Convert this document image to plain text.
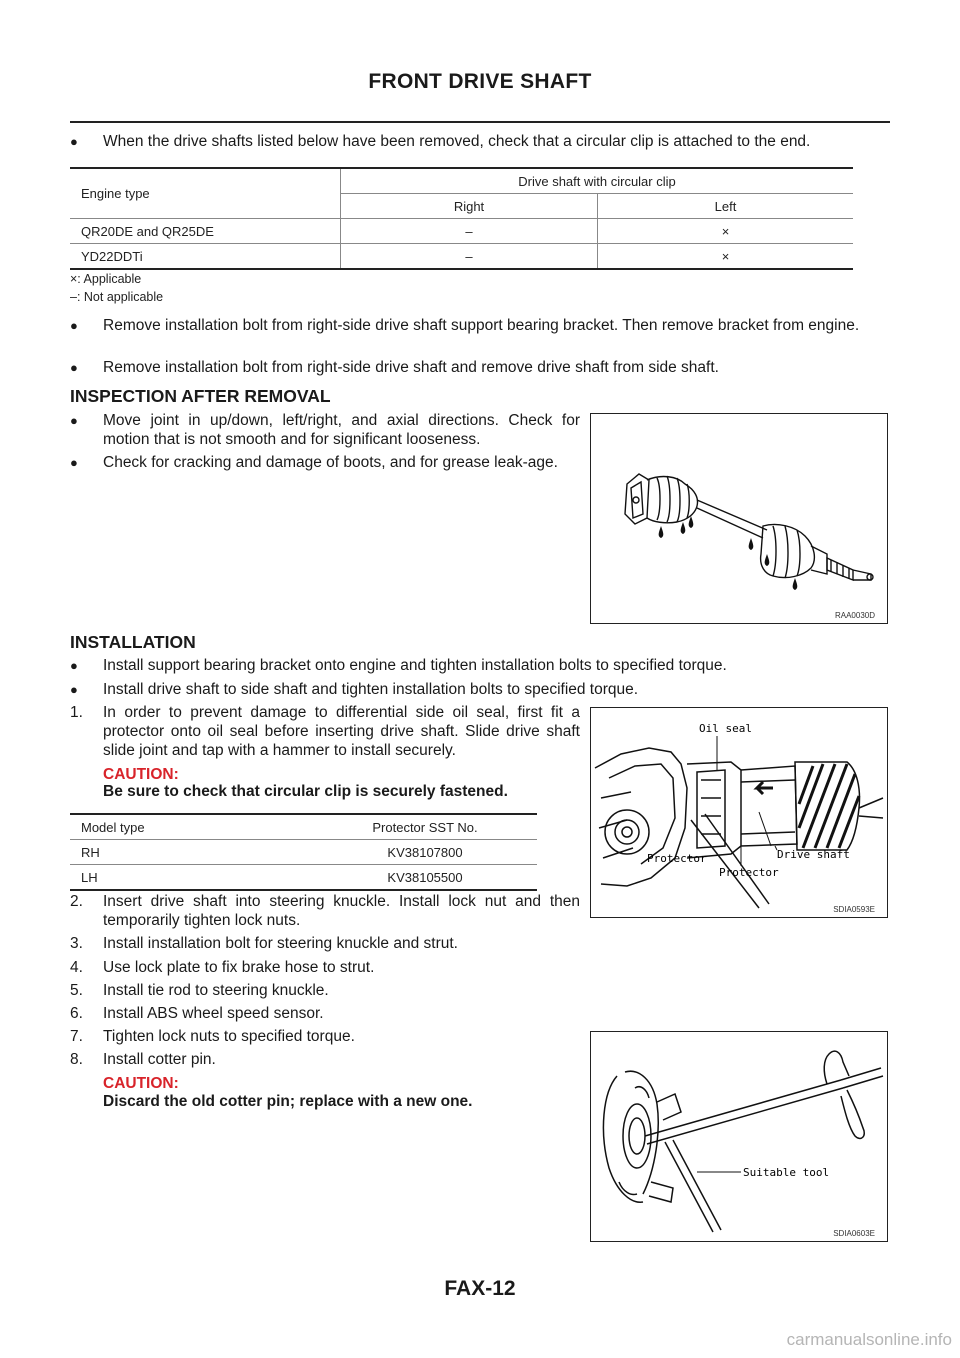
FRONT DRIVE SHAFT
● When the drive shafts listed below have been removed, check that a circular clip is attached to the end.
Engine type	Drive shaft with circular clip	
	Right	Left
QR20DE and QR25DE	–	×
YD22DDTi	–	×
×: Applicable
–: Not applicable
● Remove installation bolt from right-side drive shaft support bearing bracket. Then remove bracket from engine.
● Remove installation bolt from right-side drive shaft and remove drive shaft from side shaft.
INSPECTION AFTER REMOVAL
● Move joint in up/down, left/right, and axial directions. Check for motion that is not smooth and for significant looseness.
● Check for cracking and damage of boots, and for grease leak-age.
RAA0030D
INSTALLATION
● Install support bearing bracket onto engine and tighten installation bolts to specified torque.
● Install drive shaft to side shaft and tighten installation bolts to specified torque.
1. In order to prevent damage to differential side oil seal, first fit a protector onto oil seal before inserting drive shaft. Slide drive shaft slide joint and tap with a hammer to install securely.
CAUTION:
Be sure to check that circular clip is securely fastened.
Model type	Protector SST No.
RH	KV38107800
LH	KV38105500
Oil seal
Protector	Drive shaft
Protector
SDIA0593E
2. Insert drive shaft into steering knuckle. Install lock nut and then temporarily tighten lock nuts.
3. Install installation bolt for steering knuckle and strut.
4. Use lock plate to fix brake hose to strut.
5. Install tie rod to steering knuckle.
6. Install ABS wheel speed sensor.
7. Tighten lock nuts to specified torque.
8. Install cotter pin.
CAUTION:
Discard the old cotter pin; replace with a new one.
Suitable tool
SDIA0603E
FAX-12
carmanualsonline.info
